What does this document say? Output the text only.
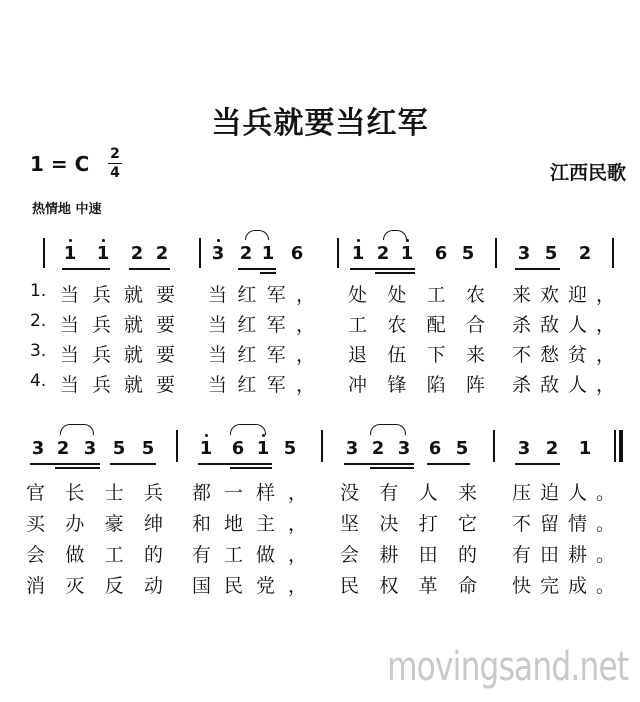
当兵就要当红军
1 = C 2
4	江西民歌
热情地 中速
1 1 2 2 3 2 1 6	1 2 1 6 5 3 5 2
3 2 3 5 5	1 6 1 5	3 2 3 6 5	3 2 1
1.
2.
3.
4.
当 兵 就 要 当 红 军 ， 处 处 工 农 来 欢 迎 ，
当 兵 就 要 当 红 军 ， 工 农 配 合 杀 敌 人 ，
当 兵 就 要 当 红 军 ， 退 伍 下 来 不 愁 贫 ，
当 兵 就 要 当 红 军 ， 冲 锋 陷 阵 杀 敌 人 ，
官 长 士 兵 都 一 样 ， 没 有 人 来 压 迫 人 。
买 办 豪 绅 和 地 主 ， 坚 决 打 它 不 留 情 。
会 做 工 的 有 工 做 ， 会 耕 田 的 有 田 耕 。
消 灭 反 动 国 民 党 ， 民 权 革 命 快 完 成 。
movingsand.net
